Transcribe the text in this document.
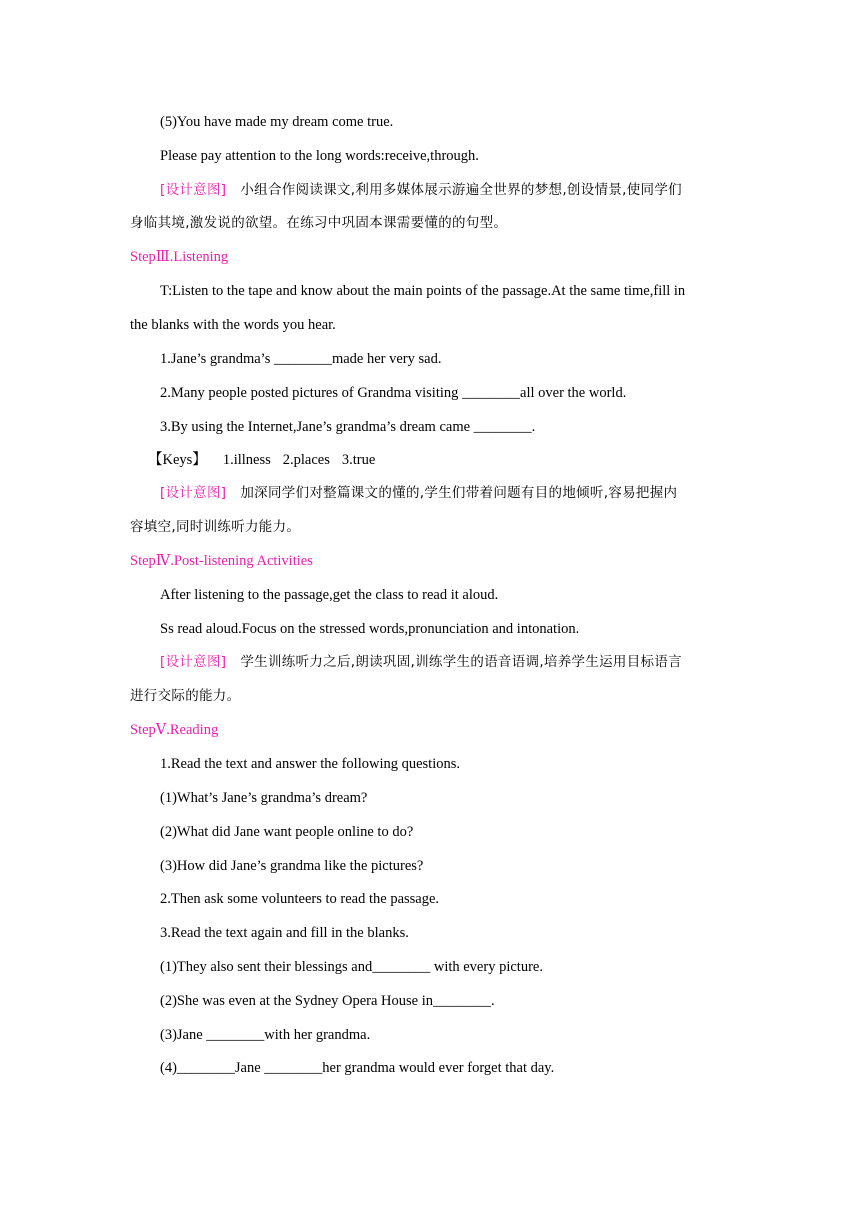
(5)You have made my dream come true.
Please pay attention to the long words:receive,through.
[设计意图] 小组合作阅读课文,利用多媒体展示游遍全世界的梦想,创设情景,使同学们
身临其境,激发说的欲望。在练习中巩固本课需要懂的的句型。
StepⅢ.Listening
T:Listen to the tape and know about the main points of the passage.At the same time,fill in
the blanks with the words you hear.
1.Jane’s grandma’s ________made her very sad.
2.Many people posted pictures of Grandma visiting ________all over the world.
3.By using the Internet,Jane’s grandma’s dream came ________.
【Keys】 1.illness 2.places 3.true
[设计意图] 加深同学们对整篇课文的懂的,学生们带着问题有目的地倾听,容易把握内
容填空,同时训练听力能力。
StepⅣ.Post-listening Activities
After listening to the passage,get the class to read it aloud.
Ss read aloud.Focus on the stressed words,pronunciation and intonation.
[设计意图] 学生训练听力之后,朗读巩固,训练学生的语音语调,培养学生运用目标语言
进行交际的能力。
StepⅤ.Reading
1.Read the text and answer the following questions.
(1)What’s Jane’s grandma’s dream?
(2)What did Jane want people online to do?
(3)How did Jane’s grandma like the pictures?
2.Then ask some volunteers to read the passage.
3.Read the text again and fill in the blanks.
(1)They also sent their blessings and________ with every picture.
(2)She was even at the Sydney Opera House in________.
(3)Jane ________with her grandma.
(4)________Jane ________her grandma would ever forget that day.
